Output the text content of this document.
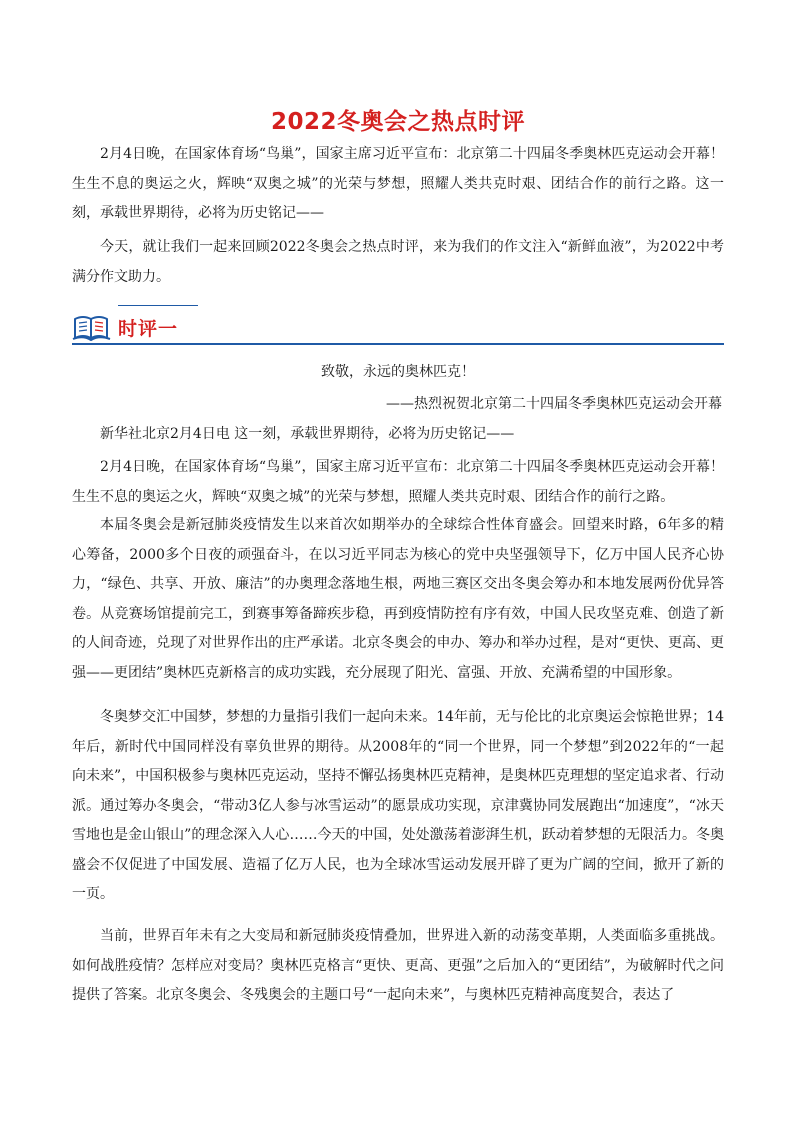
2022冬奥会之热点时评

2月4日晚，在国家体育场“鸟巢”，国家主席习近平宣布：北京第二十四届冬季奥林匹克运动会开幕！生生不息的奥运之火，辉映“双奥之城”的光荣与梦想，照耀人类共克时艰、团结合作的前行之路。这一刻，承载世界期待，必将为历史铭记——

今天，就让我们一起来回顾2022冬奥会之热点时评，来为我们的作文注入“新鲜血液”，为2022中考满分作文助力。

时评一

致敬，永远的奥林匹克！

——热烈祝贺北京第二十四届冬季奥林匹克运动会开幕

新华社北京2月4日电 这一刻，承载世界期待，必将为历史铭记——

2月4日晚，在国家体育场“鸟巢”，国家主席习近平宣布：北京第二十四届冬季奥林匹克运动会开幕！生生不息的奥运之火，辉映“双奥之城”的光荣与梦想，照耀人类共克时艰、团结合作的前行之路。

本届冬奥会是新冠肺炎疫情发生以来首次如期举办的全球综合性体育盛会。回望来时路，6年多的精心筹备，2000多个日夜的顽强奋斗，在以习近平同志为核心的党中央坚强领导下，亿万中国人民齐心协力，“绿色、共享、开放、廉洁”的办奥理念落地生根，两地三赛区交出冬奥会筹办和本地发展两份优异答卷。从竞赛场馆提前完工，到赛事筹备蹄疾步稳，再到疫情防控有序有效，中国人民攻坚克难、创造了新的人间奇迹，兑现了对世界作出的庄严承诺。北京冬奥会的申办、筹办和举办过程，是对“更快、更高、更强——更团结”奥林匹克新格言的成功实践，充分展现了阳光、富强、开放、充满希望的中国形象。

冬奥梦交汇中国梦，梦想的力量指引我们一起向未来。14年前，无与伦比的北京奥运会惊艳世界；14年后，新时代中国同样没有辜负世界的期待。从2008年的“同一个世界，同一个梦想”到2022年的“一起向未来”，中国积极参与奥林匹克运动，坚持不懈弘扬奥林匹克精神，是奥林匹克理想的坚定追求者、行动派。通过筹办冬奥会，“带动3亿人参与冰雪运动”的愿景成功实现，京津冀协同发展跑出“加速度”，“冰天雪地也是金山银山”的理念深入人心……今天的中国，处处激荡着澎湃生机，跃动着梦想的无限活力。冬奥盛会不仅促进了中国发展、造福了亿万人民，也为全球冰雪运动发展开辟了更为广阔的空间，掀开了新的一页。

当前，世界百年未有之大变局和新冠肺炎疫情叠加，世界进入新的动荡变革期，人类面临多重挑战。如何战胜疫情？怎样应对变局？奥林匹克格言“更快、更高、更强”之后加入的“更团结”，为破解时代之问提供了答案。北京冬奥会、冬残奥会的主题口号“一起向未来”，与奥林匹克精神高度契合，表达了
